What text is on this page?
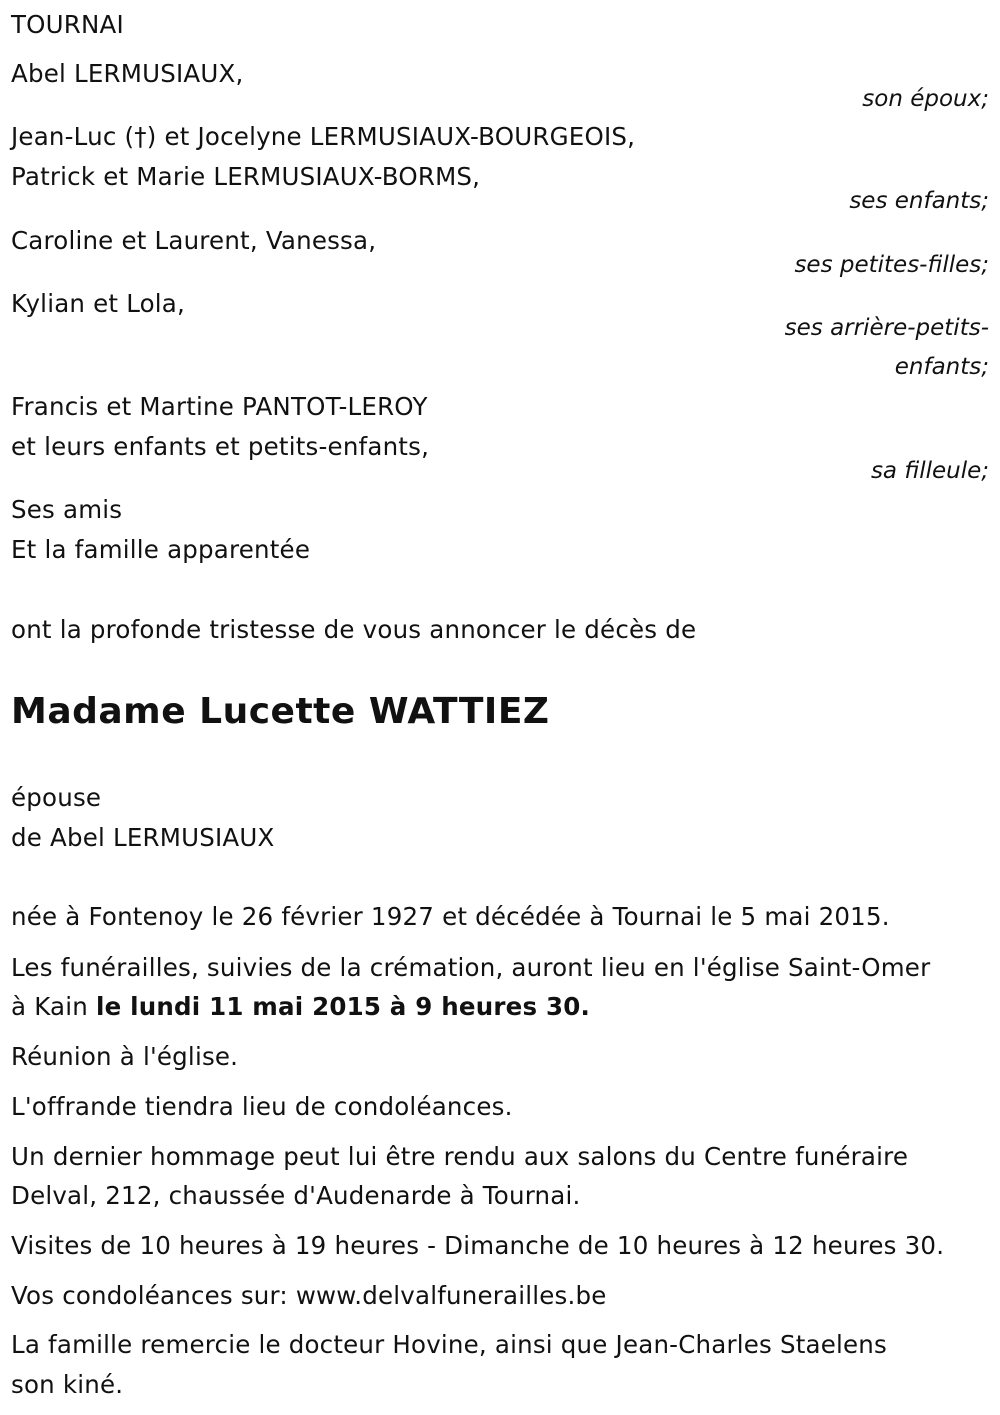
TOURNAI
Abel LERMUSIAUX,
son époux;
Jean-Luc (†) et Jocelyne LERMUSIAUX-BOURGEOIS,
Patrick et Marie LERMUSIAUX-BORMS,
ses enfants;
Caroline et Laurent, Vanessa,
ses petites-filles;
Kylian et Lola,
ses arrière-petits-
enfants;
Francis et Martine PANTOT-LEROY
et leurs enfants et petits-enfants,
sa filleule;
Ses amis
Et la famille apparentée
ont la profonde tristesse de vous annoncer le décès de
Madame Lucette WATTIEZ
épouse
de Abel LERMUSIAUX
née à Fontenoy le 26 février 1927 et décédée à Tournai le 5 mai 2015.
Les funérailles, suivies de la crémation, auront lieu en l'église Saint-Omer
à Kain le lundi 11 mai 2015 à 9 heures 30.
Réunion à l'église.
L'offrande tiendra lieu de condoléances.
Un dernier hommage peut lui être rendu aux salons du Centre funéraire
Delval, 212, chaussée d'Audenarde à Tournai.
Visites de 10 heures à 19 heures - Dimanche de 10 heures à 12 heures 30.
Vos condoléances sur: www.delvalfunerailles.be
La famille remercie le docteur Hovine, ainsi que Jean-Charles Staelens
son kiné.
